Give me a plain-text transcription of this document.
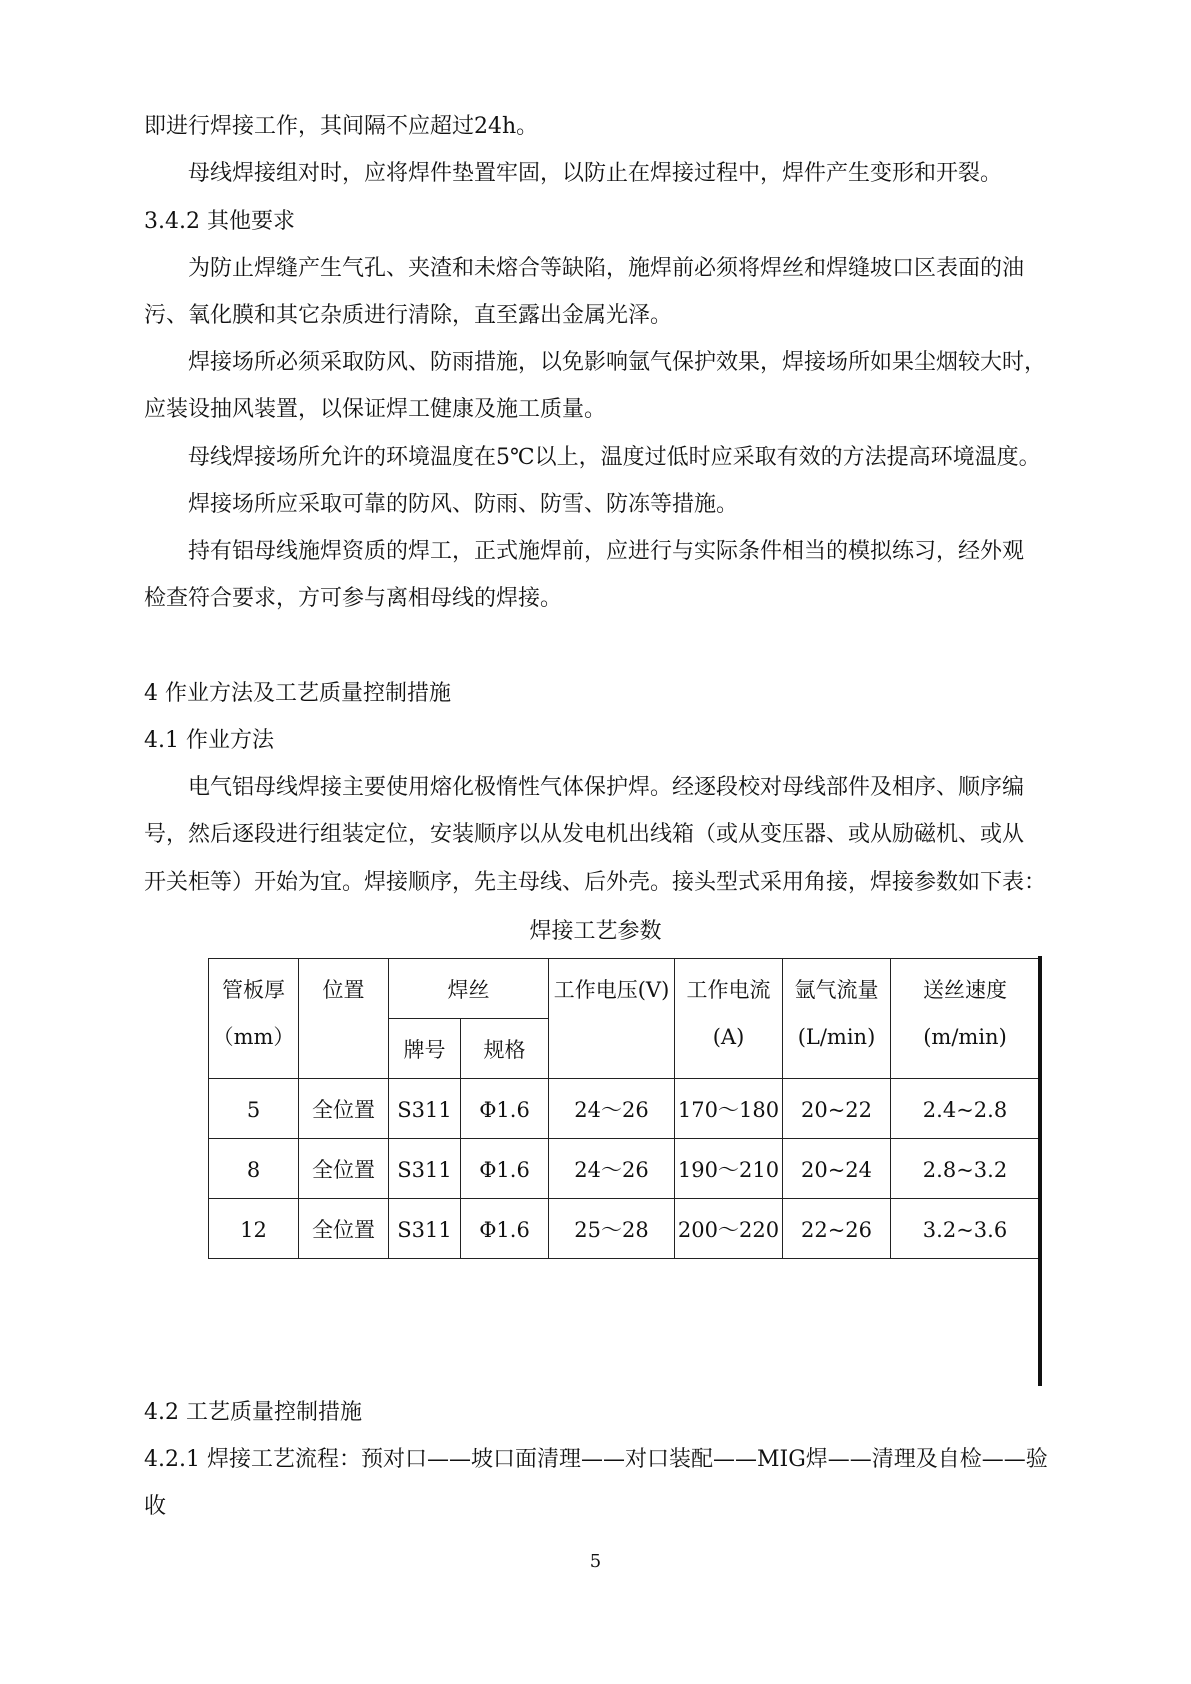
即进行焊接工作，其间隔不应超过24h。

母线焊接组对时，应将焊件垫置牢固，以防止在焊接过程中，焊件产生变形和开裂。

3.4.2 其他要求

为防止焊缝产生气孔、夹渣和未熔合等缺陷，施焊前必须将焊丝和焊缝坡口区表面的油

污、氧化膜和其它杂质进行清除，直至露出金属光泽。

焊接场所必须采取防风、防雨措施，以免影响氩气保护效果，焊接场所如果尘烟较大时，

应装设抽风装置，以保证焊工健康及施工质量。

母线焊接场所允许的环境温度在5℃以上，温度过低时应采取有效的方法提高环境温度。

焊接场所应采取可靠的防风、防雨、防雪、防冻等措施。

持有铝母线施焊资质的焊工，正式施焊前，应进行与实际条件相当的模拟练习，经外观

检查符合要求，方可参与离相母线的焊接。

4 作业方法及工艺质量控制措施

4.1 作业方法

电气铝母线焊接主要使用熔化极惰性气体保护焊。经逐段校对母线部件及相序、顺序编

号，然后逐段进行组装定位，安装顺序以从发电机出线箱（或从变压器、或从励磁机、或从

开关柜等）开始为宜。焊接顺序，先主母线、后外壳。接头型式采用角接，焊接参数如下表：

焊接工艺参数

管板厚（mm）	位置	焊丝		工作电压(V)	工作电流(A)	氩气流量(L/min)	送丝速度(m/min)

		牌号	规格				
5	全位置	S311	Φ1.6	24～26	170～180	20~22	2.4~2.8
8	全位置	S311	Φ1.6	24～26	190～210	20~24	2.8~3.2
12	全位置	S311	Φ1.6	25～28	200～220	22~26	3.2~3.6

4.2 工艺质量控制措施

4.2.1 焊接工艺流程：预对口——坡口面清理——对口装配——MIG焊——清理及自检——验

收

5
